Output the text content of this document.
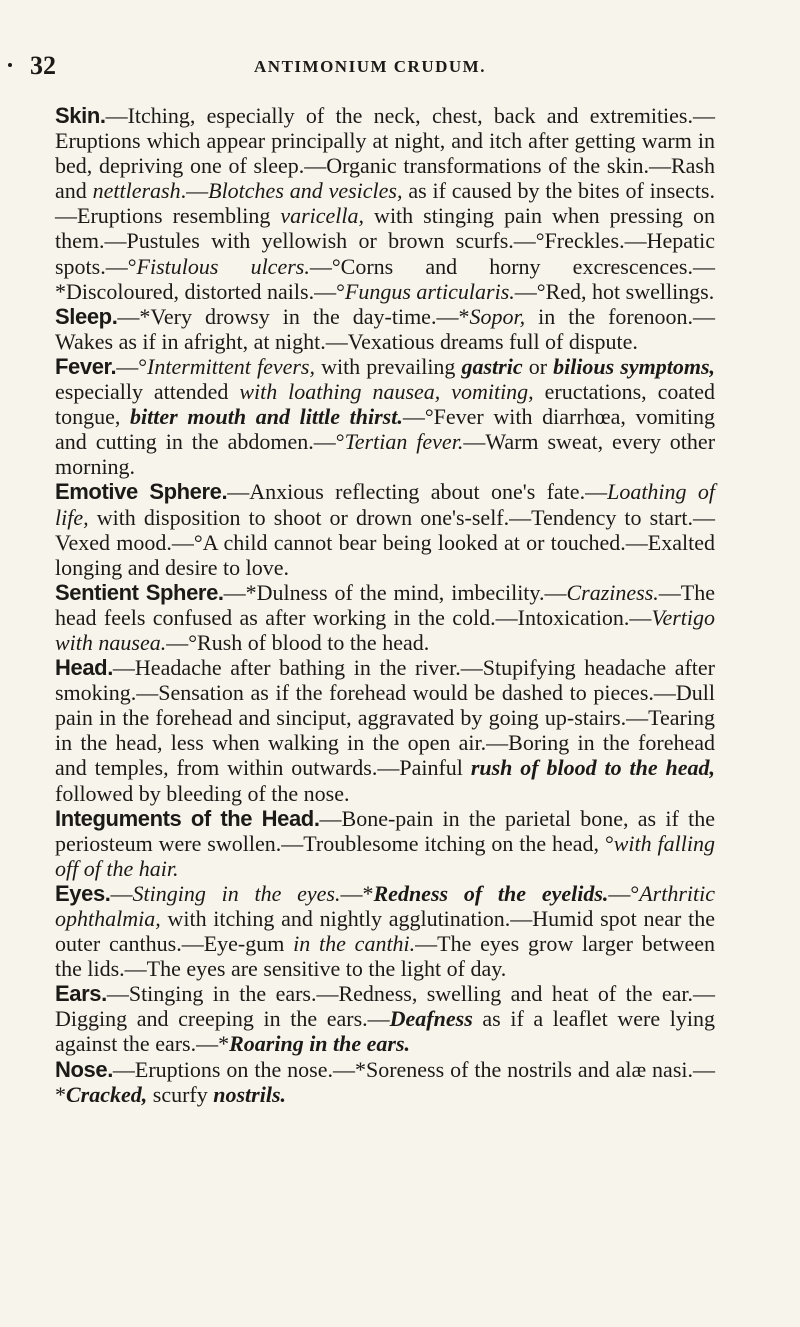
32	ANTIMONIUM CRUDUM.

Skin.—Itching, especially of the neck, chest, back and extremities.—Eruptions which appear principally at night, and itch after getting warm in bed, depriving one of sleep.—Organic transformations of the skin.—Rash and nettlerash.—Blotches and vesicles, as if caused by the bites of insects.—Eruptions resembling varicella, with stinging pain when pressing on them.—Pustules with yellowish or brown scurfs.—°Freckles.—Hepatic spots.—°Fistulous ulcers.—°Corns and horny excrescences.—*Discoloured, distorted nails.—°Fungus articularis.—°Red, hot swellings.

Sleep.—*Very drowsy in the day-time.—*Sopor, in the forenoon.—Wakes as if in afright, at night.—Vexatious dreams full of dispute.

Fever.—°Intermittent fevers, with prevailing gastric or bilious symptoms, especially attended with loathing nausea, vomiting, eructations, coated tongue, bitter mouth and little thirst.—°Fever with diarrhœa, vomiting and cutting in the abdomen.—°Tertian fever.—Warm sweat, every other morning.

Emotive Sphere.—Anxious reflecting about one's fate.—Loathing of life, with disposition to shoot or drown one's-self.—Tendency to start.—Vexed mood.—°A child cannot bear being looked at or touched.—Exalted longing and desire to love.

Sentient Sphere.—*Dulness of the mind, imbecility.—Craziness.—The head feels confused as after working in the cold.—Intoxication.—Vertigo with nausea.—°Rush of blood to the head.

Head.—Headache after bathing in the river.—Stupifying headache after smoking.—Sensation as if the forehead would be dashed to pieces.—Dull pain in the forehead and sinciput, aggravated by going up-stairs.—Tearing in the head, less when walking in the open air.—Boring in the forehead and temples, from within outwards.—Painful rush of blood to the head, followed by bleeding of the nose.

Integuments of the Head.—Bone-pain in the parietal bone, as if the periosteum were swollen.—Troublesome itching on the head, °with falling off of the hair.

Eyes.—Stinging in the eyes.—*Redness of the eyelids.—°Arthritic ophthalmia, with itching and nightly agglutination.—Humid spot near the outer canthus.—Eye-gum in the canthi.—The eyes grow larger between the lids.—The eyes are sensitive to the light of day.

Ears.—Stinging in the ears.—Redness, swelling and heat of the ear.—Digging and creeping in the ears.—Deafness as if a leaflet were lying against the ears.—*Roaring in the ears.

Nose.—Eruptions on the nose.—*Soreness of the nostrils and alæ nasi.—*Cracked, scurfy nostrils.
